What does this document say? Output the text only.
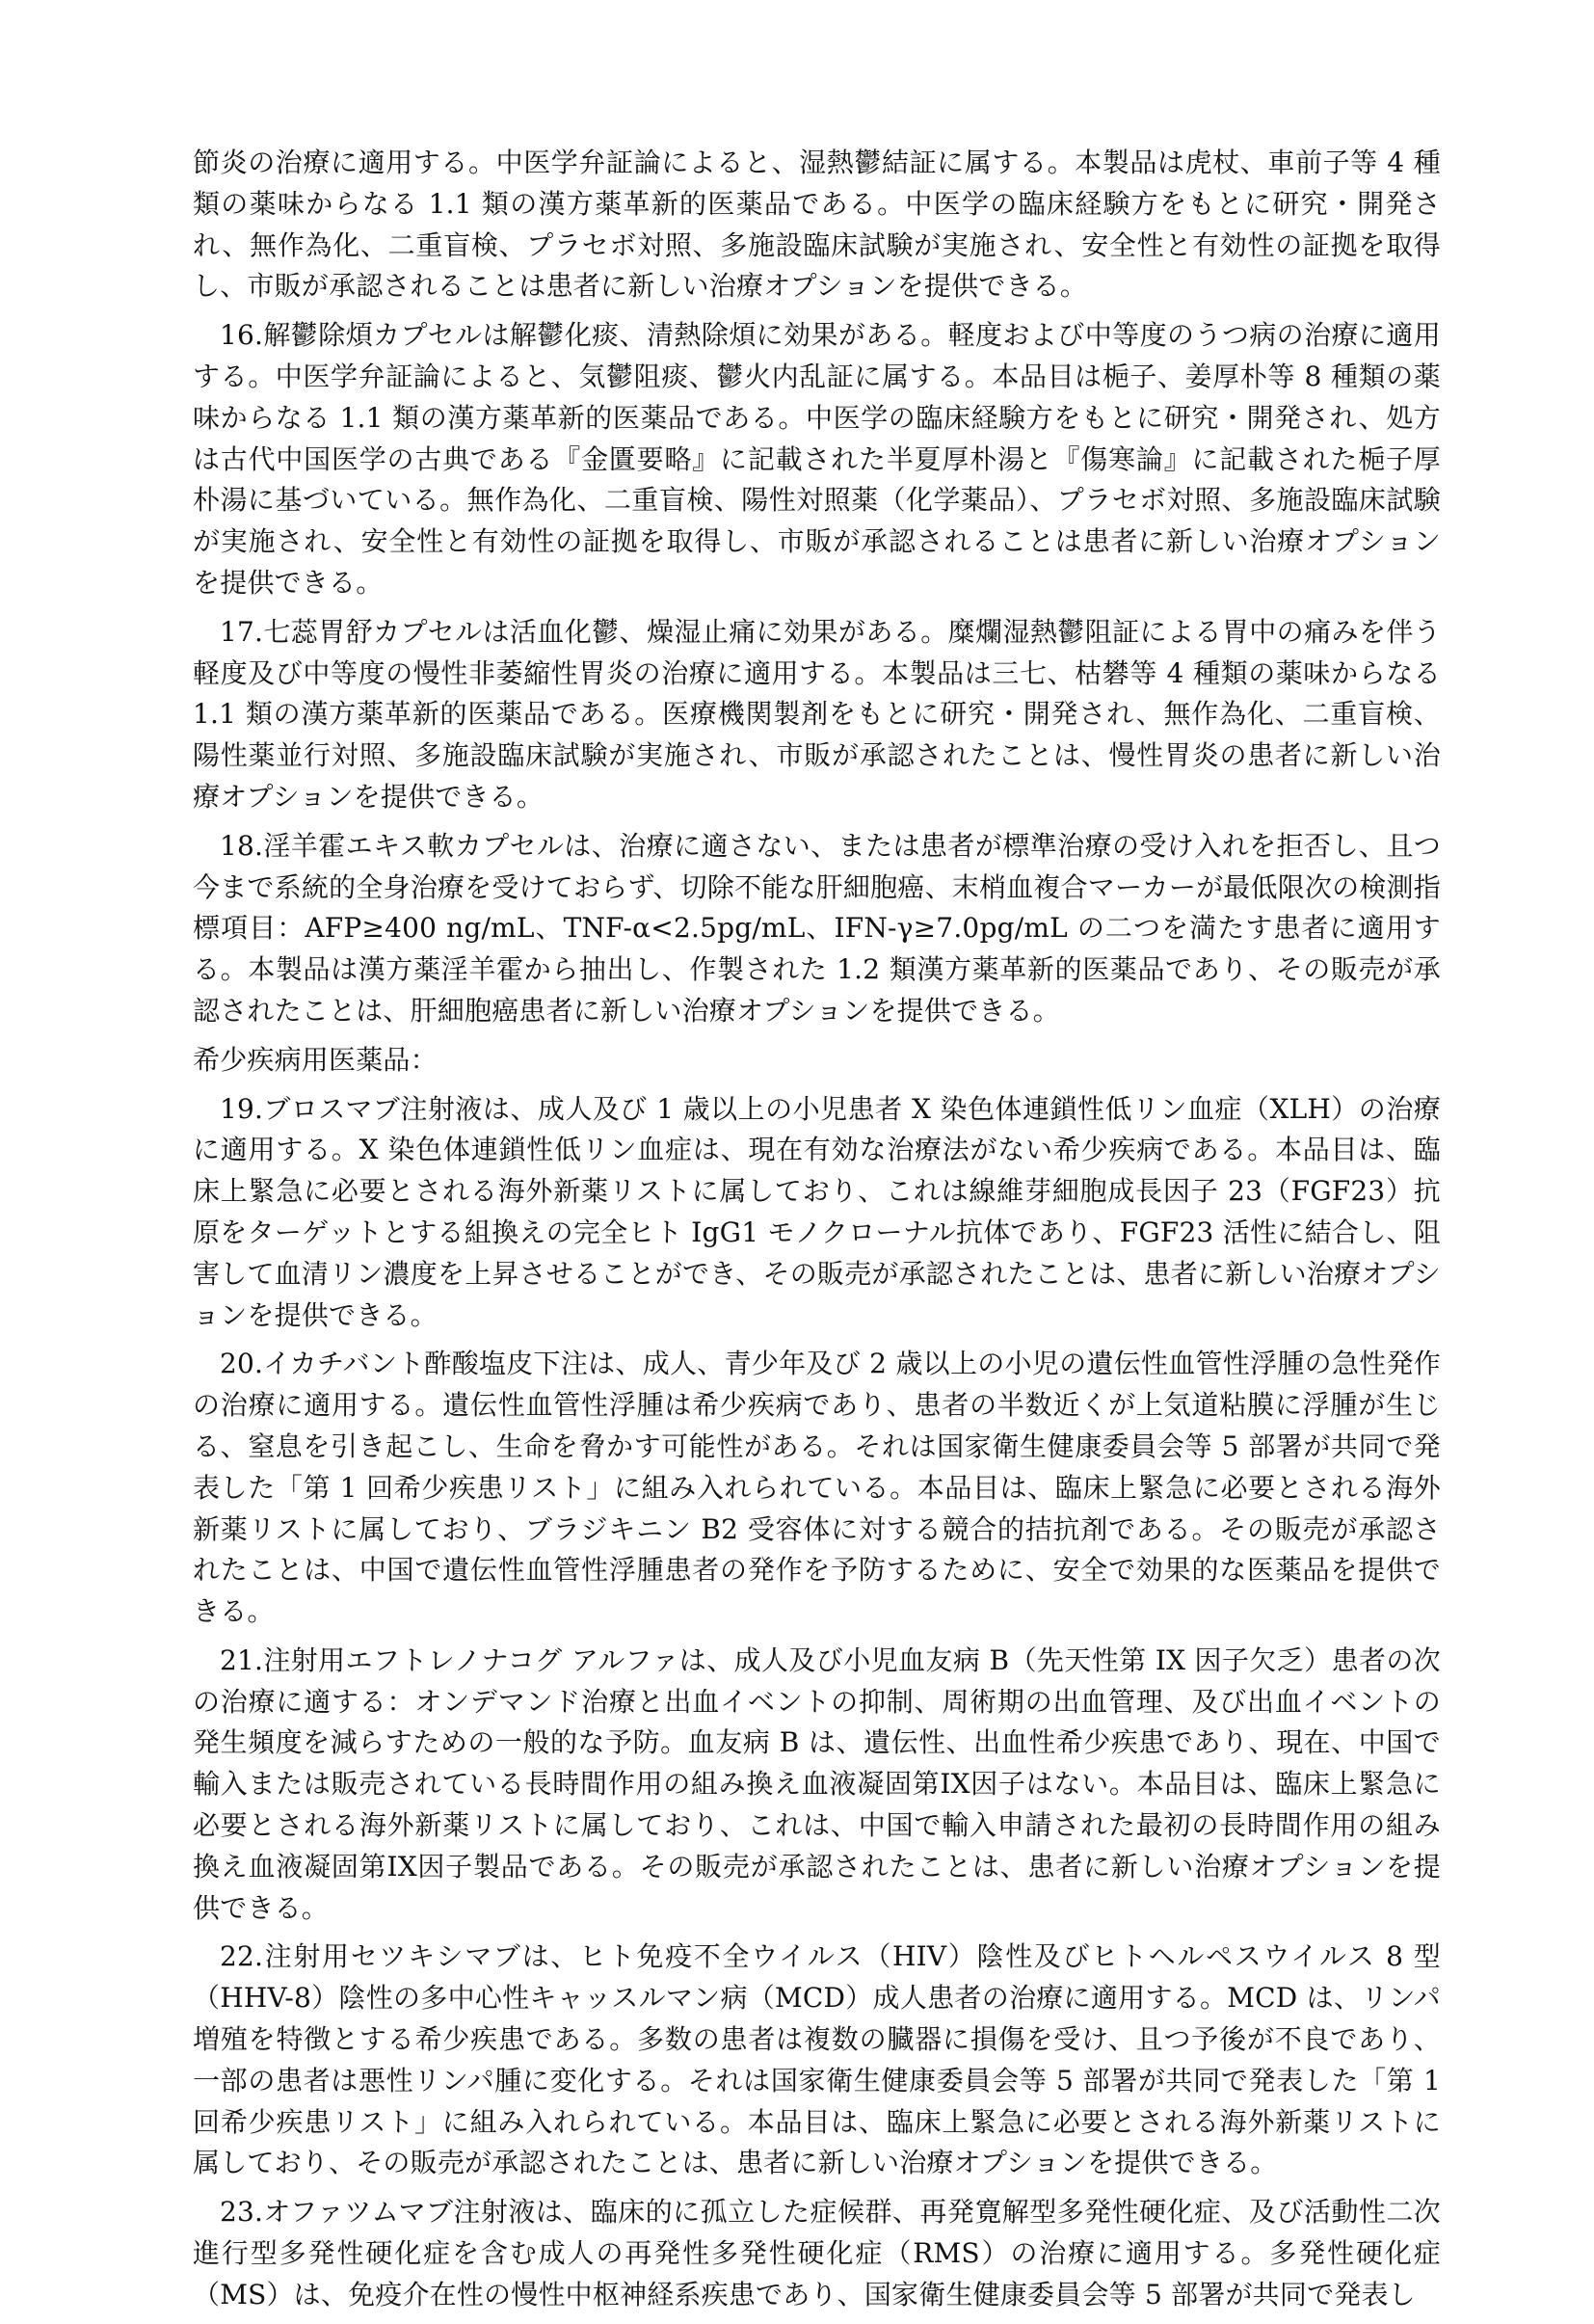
節炎の治療に適用する。中医学弁証論によると、湿熱鬱結証に属する。本製品は虎杖、車前子等 4 種類の薬味からなる 1.1 類の漢方薬革新的医薬品である。中医学の臨床経験方をもとに研究・開発され、無作為化、二重盲検、プラセボ対照、多施設臨床試験が実施され、安全性と有効性の証拠を取得し、市販が承認されることは患者に新しい治療オプションを提供できる。

16.解鬱除煩カプセルは解鬱化痰、清熱除煩に効果がある。軽度および中等度のうつ病の治療に適用する。中医学弁証論によると、気鬱阻痰、鬱火内乱証に属する。本品目は梔子、姜厚朴等 8 種類の薬味からなる 1.1 類の漢方薬革新的医薬品である。中医学の臨床経験方をもとに研究・開発され、処方は古代中国医学の古典である『金匱要略』に記載された半夏厚朴湯と『傷寒論』に記載された梔子厚朴湯に基づいている。無作為化、二重盲検、陽性対照薬（化学薬品）、プラセボ対照、多施設臨床試験が実施され、安全性と有効性の証拠を取得し、市販が承認されることは患者に新しい治療オプションを提供できる。

17.七蕊胃舒カプセルは活血化鬱、燥湿止痛に効果がある。糜爛湿熱鬱阻証による胃中の痛みを伴う軽度及び中等度の慢性非萎縮性胃炎の治療に適用する。本製品は三七、枯礬等 4 種類の薬味からなる 1.1 類の漢方薬革新的医薬品である。医療機関製剤をもとに研究・開発され、無作為化、二重盲検、陽性薬並行対照、多施設臨床試験が実施され、市販が承認されたことは、慢性胃炎の患者に新しい治療オプションを提供できる。

18.淫羊霍エキス軟カプセルは、治療に適さない、または患者が標準治療の受け入れを拒否し、且つ今まで系統的全身治療を受けておらず、切除不能な肝細胞癌、末梢血複合マーカーが最低限次の検測指標項目：AFP≥400 ng/mL、TNF-α<2.5pg/mL、IFN-γ≥7.0pg/mL の二つを満たす患者に適用する。本製品は漢方薬淫羊霍から抽出し、作製された 1.2 類漢方薬革新的医薬品であり、その販売が承認されたことは、肝細胞癌患者に新しい治療オプションを提供できる。

希少疾病用医薬品：

19.ブロスマブ注射液は、成人及び 1 歳以上の小児患者 X 染色体連鎖性低リン血症（XLH）の治療に適用する。X 染色体連鎖性低リン血症は、現在有効な治療法がない希少疾病である。本品目は、臨床上緊急に必要とされる海外新薬リストに属しており、これは線維芽細胞成長因子 23（FGF23）抗原をターゲットとする組換えの完全ヒト IgG1 モノクローナル抗体であり、FGF23 活性に結合し、阻害して血清リン濃度を上昇させることができ、その販売が承認されたことは、患者に新しい治療オプションを提供できる。

20.イカチバント酢酸塩皮下注は、成人、青少年及び 2 歳以上の小児の遺伝性血管性浮腫の急性発作の治療に適用する。遺伝性血管性浮腫は希少疾病であり、患者の半数近くが上気道粘膜に浮腫が生じる、窒息を引き起こし、生命を脅かす可能性がある。それは国家衛生健康委員会等 5 部署が共同で発表した「第 1 回希少疾患リスト」に組み入れられている。本品目は、臨床上緊急に必要とされる海外新薬リストに属しており、ブラジキニン B2 受容体に対する競合的拮抗剤である。その販売が承認されたことは、中国で遺伝性血管性浮腫患者の発作を予防するために、安全で効果的な医薬品を提供できる。

21.注射用エフトレノナコグ アルファは、成人及び小児血友病 B（先天性第 IX 因子欠乏）患者の次の治療に適する：オンデマンド治療と出血イベントの抑制、周術期の出血管理、及び出血イベントの発生頻度を減らすための一般的な予防。血友病 B は、遺伝性、出血性希少疾患であり、現在、中国で輸入または販売されている長時間作用の組み換え血液凝固第IX因子はない。本品目は、臨床上緊急に必要とされる海外新薬リストに属しており、これは、中国で輸入申請された最初の長時間作用の組み換え血液凝固第IX因子製品である。その販売が承認されたことは、患者に新しい治療オプションを提供できる。

22.注射用セツキシマブは、ヒト免疫不全ウイルス（HIV）陰性及びヒトヘルペスウイルス 8 型（HHV-8）陰性の多中心性キャッスルマン病（MCD）成人患者の治療に適用する。MCD は、リンパ増殖を特徴とする希少疾患である。多数の患者は複数の臓器に損傷を受け、且つ予後が不良であり、一部の患者は悪性リンパ腫に変化する。それは国家衛生健康委員会等 5 部署が共同で発表した「第 1 回希少疾患リスト」に組み入れられている。本品目は、臨床上緊急に必要とされる海外新薬リストに属しており、その販売が承認されたことは、患者に新しい治療オプションを提供できる。

23.オファツムマブ注射液は、臨床的に孤立した症候群、再発寛解型多発性硬化症、及び活動性二次進行型多発性硬化症を含む成人の再発性多発性硬化症（RMS）の治療に適用する。多発性硬化症（MS）は、免疫介在性の慢性中枢神経系疾患であり、国家衛生健康委員会等 5 部署が共同で発表し
